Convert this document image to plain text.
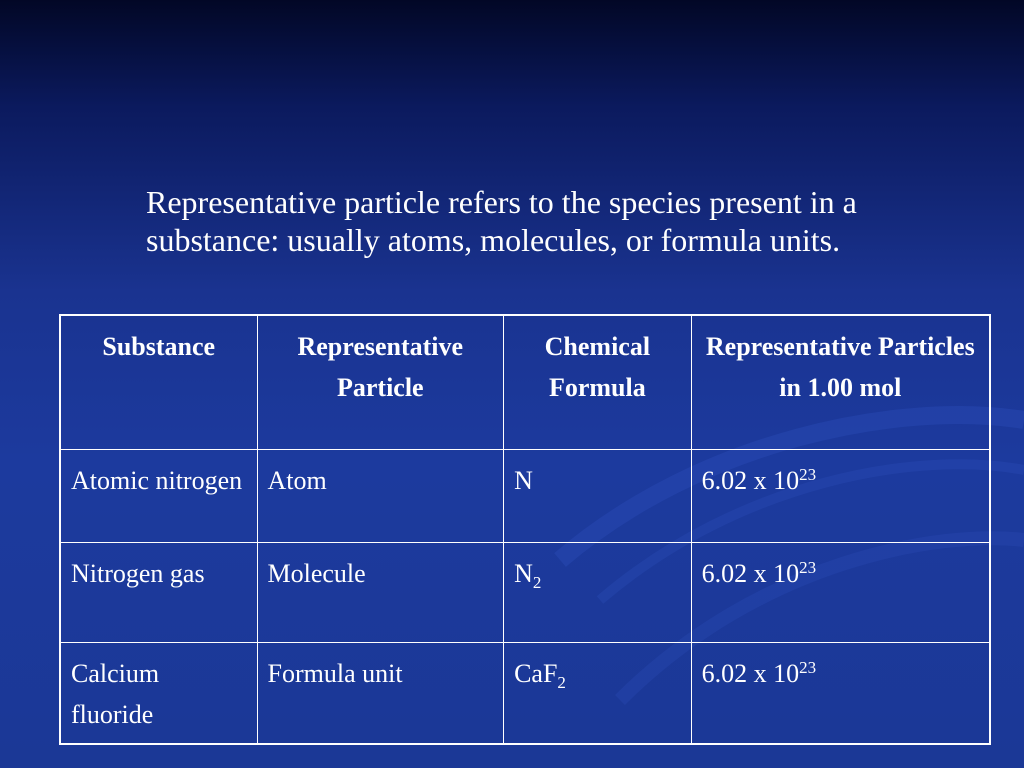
Representative particle refers to the species present in a substance: usually atoms, molecules, or formula units.

Substance	Representative Particle	Chemical Formula	Representative Particles in 1.00 mol
Atomic nitrogen	Atom	N	6.02 x $10^{23}$
Nitrogen gas	Molecule	$N_2$	6.02 x $10^{23}$
Calcium fluoride	Formula unit	CaF$_2$	6.02 x $10^{23}$
